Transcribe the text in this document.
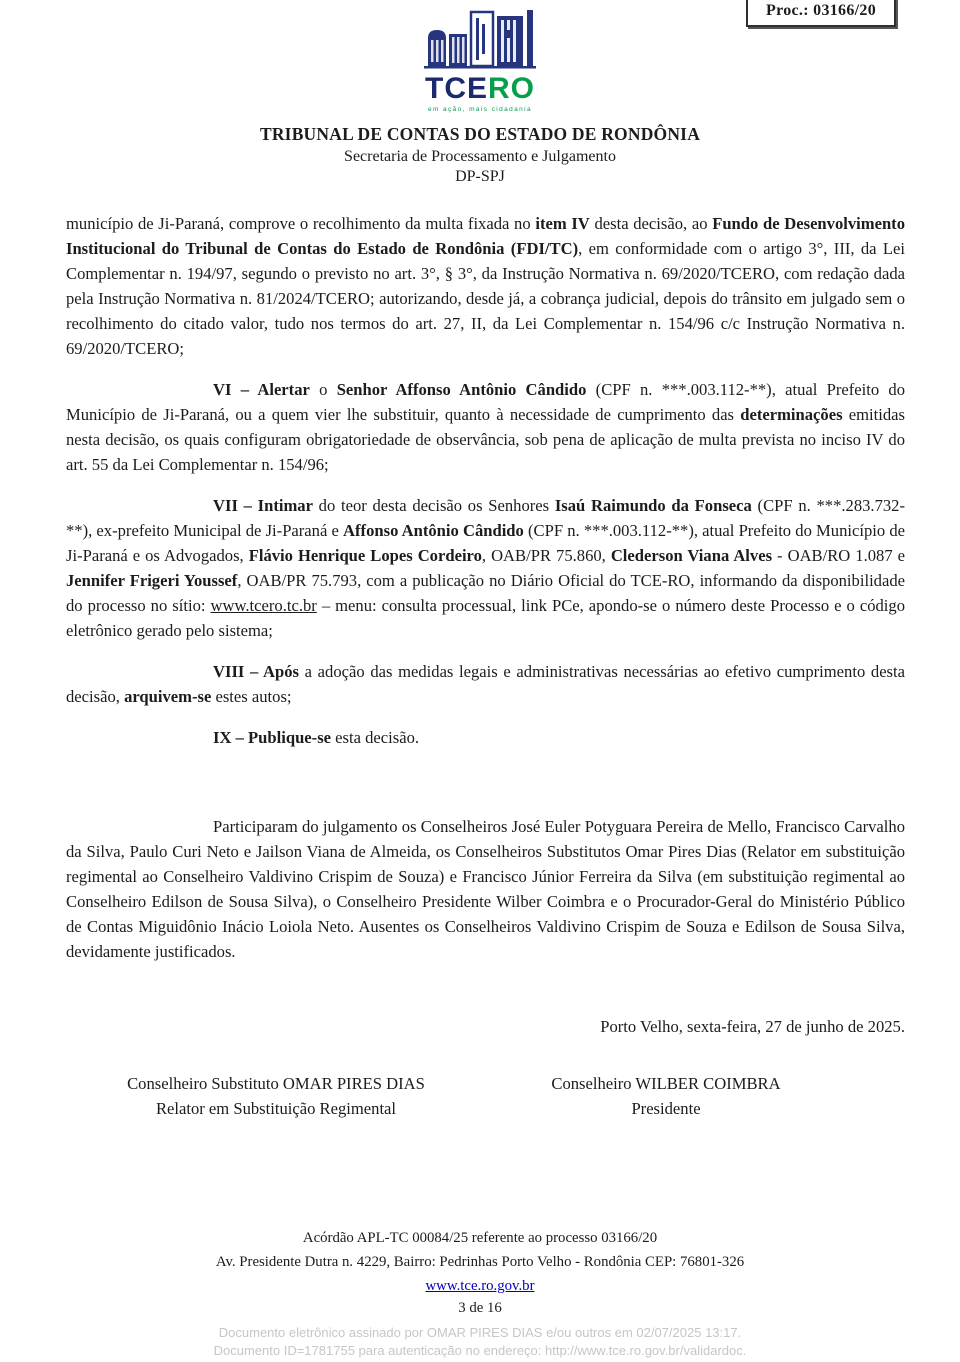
Proc.: 03166/20
TCERO
em ação, mais cidadania
TRIBUNAL DE CONTAS DO ESTADO DE RONDÔNIA
Secretaria de Processamento e Julgamento
DP-SPJ

município de Ji-Paraná, comprove o recolhimento da multa fixada no item IV desta decisão, ao Fundo de Desenvolvimento Institucional do Tribunal de Contas do Estado de Rondônia (FDI/TC), em conformidade com o artigo 3°, III, da Lei Complementar n. 194/97, segundo o previsto no art. 3°, § 3°, da Instrução Normativa n. 69/2020/TCERO, com redação dada pela Instrução Normativa n. 81/2024/TCERO; autorizando, desde já, a cobrança judicial, depois do trânsito em julgado sem o recolhimento do citado valor, tudo nos termos do art. 27, II, da Lei Complementar n. 154/96 c/c Instrução Normativa n. 69/2020/TCERO;

VI – Alertar o Senhor Affonso Antônio Cândido (CPF n. ***.003.112-**), atual Prefeito do Município de Ji-Paraná, ou a quem vier lhe substituir, quanto à necessidade de cumprimento das determinações emitidas nesta decisão, os quais configuram obrigatoriedade de observância, sob pena de aplicação de multa prevista no inciso IV do art. 55 da Lei Complementar n. 154/96;

VII – Intimar do teor desta decisão os Senhores Isaú Raimundo da Fonseca (CPF n. ***.283.732-**), ex-prefeito Municipal de Ji-Paraná e Affonso Antônio Cândido (CPF n. ***.003.112-**), atual Prefeito do Município de Ji-Paraná e os Advogados, Flávio Henrique Lopes Cordeiro, OAB/PR 75.860, Clederson Viana Alves - OAB/RO 1.087 e Jennifer Frigeri Youssef, OAB/PR 75.793, com a publicação no Diário Oficial do TCE-RO, informando da disponibilidade do processo no sítio: www.tcero.tc.br – menu: consulta processual, link PCe, apondo-se o número deste Processo e o código eletrônico gerado pelo sistema;

VIII – Após a adoção das medidas legais e administrativas necessárias ao efetivo cumprimento desta decisão, arquivem-se estes autos;

IX – Publique-se esta decisão.

Participaram do julgamento os Conselheiros José Euler Potyguara Pereira de Mello, Francisco Carvalho da Silva, Paulo Curi Neto e Jailson Viana de Almeida, os Conselheiros Substitutos Omar Pires Dias (Relator em substituição regimental ao Conselheiro Valdivino Crispim de Souza) e Francisco Júnior Ferreira da Silva (em substituição regimental ao Conselheiro Edilson de Sousa Silva), o Conselheiro Presidente Wilber Coimbra e o Procurador-Geral do Ministério Público de Contas Miguidônio Inácio Loiola Neto. Ausentes os Conselheiros Valdivino Crispim de Souza e Edilson de Sousa Silva, devidamente justificados.

Porto Velho, sexta-feira, 27 de junho de 2025.
Conselheiro Substituto OMAR PIRES DIAS
Relator em Substituição Regimental
Conselheiro WILBER COIMBRA
Presidente
Acórdão APL-TC 00084/25 referente ao processo 03166/20
Av. Presidente Dutra n. 4229, Bairro: Pedrinhas Porto Velho - Rondônia CEP: 76801-326
www.tce.ro.gov.br
3 de 16
Documento eletrônico assinado por OMAR PIRES DIAS e/ou outros em 02/07/2025 13:17.
Documento ID=1781755 para autenticação no endereço: http://www.tce.ro.gov.br/validardoc.
